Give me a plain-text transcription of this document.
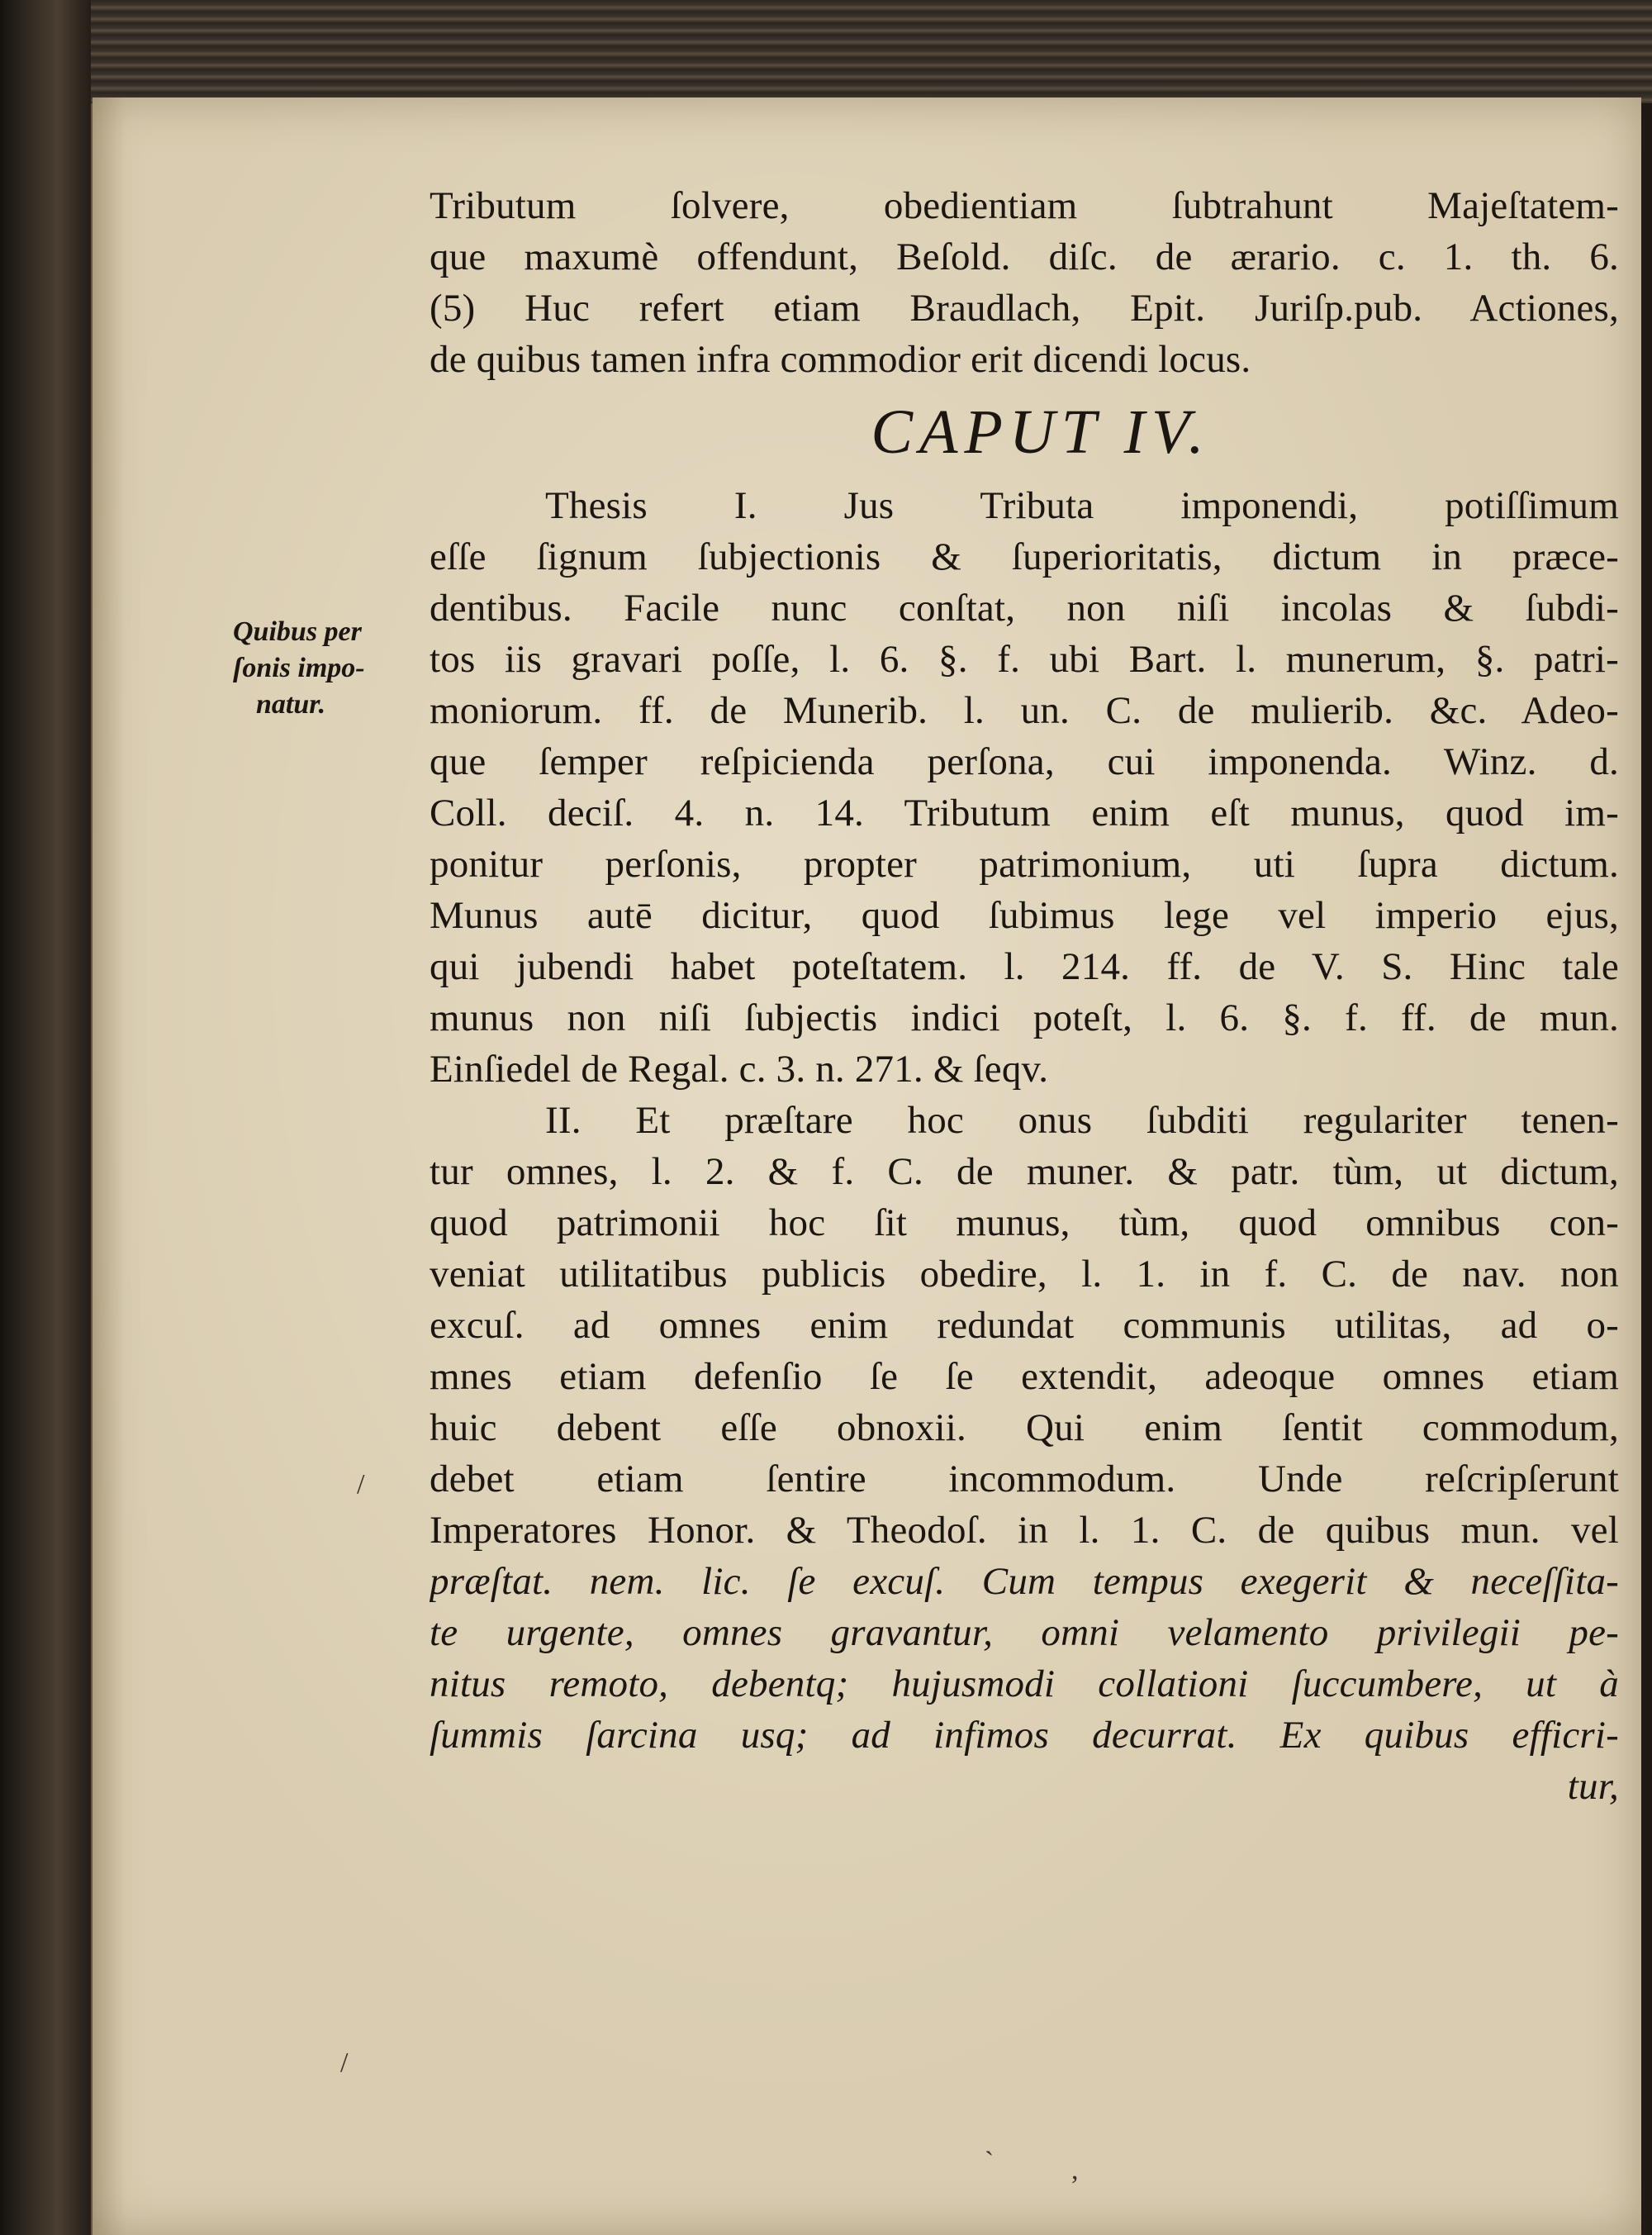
Quibus per
ſonis impo-
natur.
Tributum ſolvere, obedientiam ſubtrahunt Majeſtatem-
que maxumè offendunt, Beſold. diſc. de ærario. c. 1. th. 6.
(5) Huc refert etiam Braudlach, Epit. Juriſp.pub. Actiones,
de quibus tamen infra commodior erit dicendi locus.
CAPUT IV.
Thesis I. Jus Tributa imponendi, potiſſimum
eſſe ſignum ſubjectionis & ſuperioritatis, dictum in præce-
dentibus. Facile nunc conſtat, non niſi incolas & ſubdi-
tos iis gravari poſſe, l. 6. §. f. ubi Bart. l. munerum, §. patri-
moniorum. ff. de Munerib. l. un. C. de mulierib. &c. Adeo-
que ſemper reſpicienda perſona, cui imponenda. Winz. d.
Coll. deciſ. 4. n. 14. Tributum enim eſt munus, quod im-
ponitur perſonis, propter patrimonium, uti ſupra dictum.
Munus autē dicitur, quod ſubimus lege vel imperio ejus,
qui jubendi habet poteſtatem. l. 214. ff. de V. S. Hinc tale
munus non niſi ſubjectis indici poteſt, l. 6. §. f. ff. de mun.
Einſiedel de Regal. c. 3. n. 271. & ſeqv.
II. Et præſtare hoc onus ſubditi regulariter tenen-
tur omnes, l. 2. & f. C. de muner. & patr. tùm, ut dictum,
quod patrimonii hoc ſit munus, tùm, quod omnibus con-
veniat utilitatibus publicis obedire, l. 1. in f. C. de nav. non
excuſ. ad omnes enim redundat communis utilitas, ad o-
mnes etiam defenſio ſe ſe extendit, adeoque omnes etiam
huic debent eſſe obnoxii. Qui enim ſentit commodum,
debet etiam ſentire incommodum. Unde reſcripſerunt
Imperatores Honor. & Theodoſ. in l. 1. C. de quibus mun. vel
præſtat. nem. lic. ſe excuſ. Cum tempus exegerit & neceſſita-
te urgente, omnes gravantur, omni velamento privilegii pe-
nitus remoto, debentq; hujusmodi collationi ſuccumbere, ut à
ſummis ſarcina usq; ad infimos decurrat. Ex quibus efficri-
tur,
/
/
`	,
